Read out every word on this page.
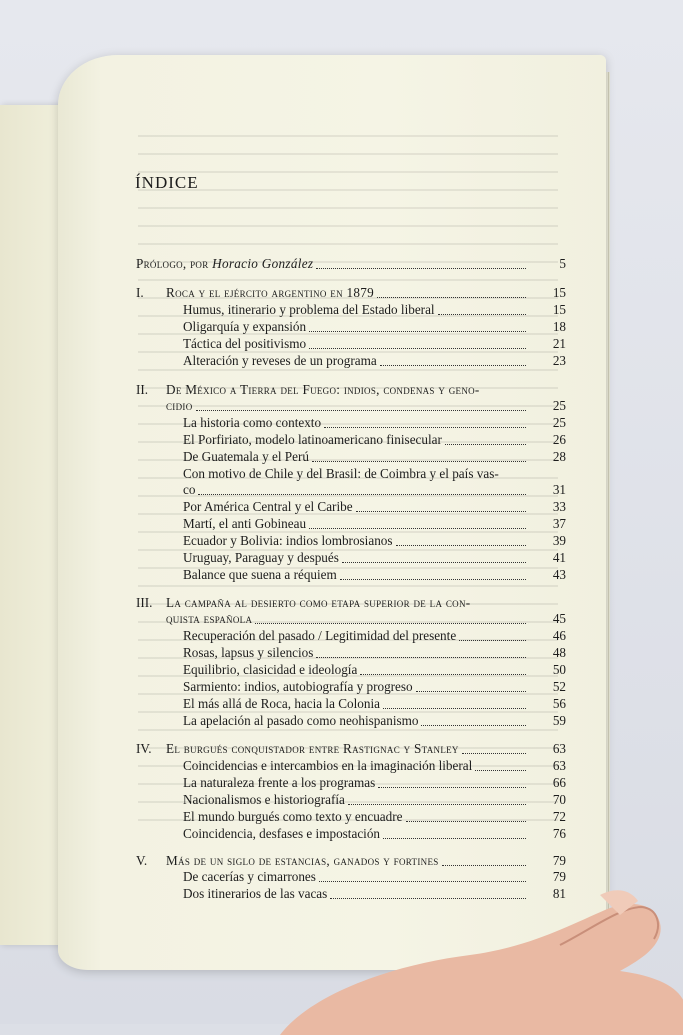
ÍNDICE
Prólogo, por Horacio González	5
I. Roca y el ejército argentino en 1879	15
Humus, itinerario y problema del Estado liberal	15
Oligarquía y expansión	18
Táctica del positivismo	21
Alteración y reveses de un programa	23
II. De México a Tierra del Fuego: indios, condenas y geno-
cidio	25
La historia como contexto	25
El Porfiriato, modelo latinoamericano finisecular	26
De Guatemala y el Perú	28
Con motivo de Chile y del Brasil: de Coimbra y el país vas-
co	31
Por América Central y el Caribe	33
Martí, el anti Gobineau	37
Ecuador y Bolivia: indios lombrosianos	39
Uruguay, Paraguay y después	41
Balance que suena a réquiem	43
III. La campaña al desierto como etapa superior de la con-
quista española	45
Recuperación del pasado / Legitimidad del presente	46
Rosas, lapsus y silencios	48
Equilibrio, clasicidad e ideología	50
Sarmiento: indios, autobiografía y progreso	52
El más allá de Roca, hacia la Colonia	56
La apelación al pasado como neohispanismo	59
IV. El burgués conquistador entre Rastignac y Stanley	63
Coincidencias e intercambios en la imaginación liberal	63
La naturaleza frente a los programas	66
Nacionalismos e historiografía	70
El mundo burgués como texto y encuadre	72
Coincidencia, desfases e impostación	76
V. Más de un siglo de estancias, ganados y fortines	79
De cacerías y cimarrones	79
Dos itinerarios de las vacas	81
